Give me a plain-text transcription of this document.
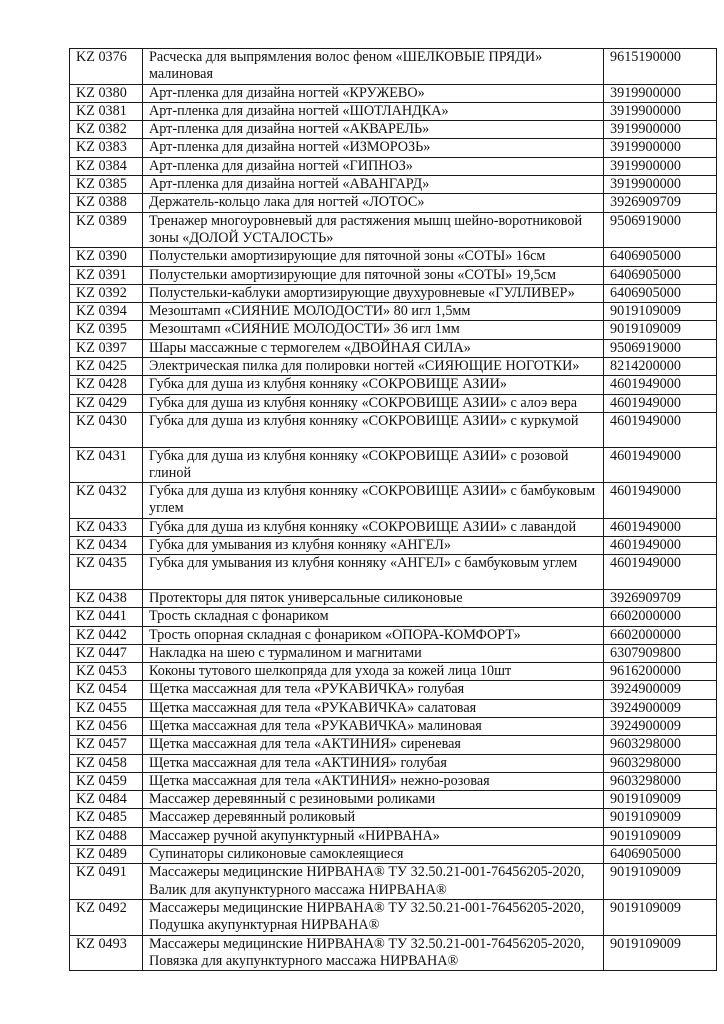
KZ 0376	Расческа для выпрямления волос феном «ШЕЛКОВЫЕ ПРЯДИ» малиновая	9615190000
KZ 0380	Арт-пленка для дизайна ногтей «КРУЖЕВО»	3919900000
KZ 0381	Арт-пленка для дизайна ногтей «ШОТЛАНДКА»	3919900000
KZ 0382	Арт-пленка для дизайна ногтей «АКВАРЕЛЬ»	3919900000
KZ 0383	Арт-пленка для дизайна ногтей «ИЗМОРОЗЬ»	3919900000
KZ 0384	Арт-пленка для дизайна ногтей «ГИПНОЗ»	3919900000
KZ 0385	Арт-пленка для дизайна ногтей «АВАНГАРД»	3919900000
KZ 0388	Держатель-кольцо лака для ногтей «ЛОТОС»	3926909709
KZ 0389	Тренажер многоуровневый для растяжения мышц шейно-воротниковой зоны «ДОЛОЙ УСТАЛОСТЬ»	9506919000
KZ 0390	Полустельки амортизирующие для пяточной зоны «СОТЫ» 16см	6406905000
KZ 0391	Полустельки амортизирующие для пяточной зоны «СОТЫ» 19,5см	6406905000
KZ 0392	Полустельки-каблуки амортизирующие двухуровневые «ГУЛЛИВЕР»	6406905000
KZ 0394	Мезоштамп «СИЯНИЕ МОЛОДОСТИ» 80 игл 1,5мм	9019109009
KZ 0395	Мезоштамп «СИЯНИЕ МОЛОДОСТИ» 36 игл 1мм	9019109009
KZ 0397	Шары массажные с термогелем «ДВОЙНАЯ СИЛА»	9506919000
KZ 0425	Электрическая пилка для полировки ногтей «СИЯЮЩИЕ НОГОТКИ»	8214200000
KZ 0428	Губка для душа из клубня конняку «СОКРОВИЩЕ АЗИИ»	4601949000
KZ 0429	Губка для душа из клубня конняку «СОКРОВИЩЕ АЗИИ» с алоэ вера	4601949000
KZ 0430	Губка для душа из клубня конняку «СОКРОВИЩЕ АЗИИ» с куркумой	4601949000
KZ 0431	Губка для душа из клубня конняку «СОКРОВИЩЕ АЗИИ» с розовой глиной	4601949000
KZ 0432	Губка для душа из клубня конняку «СОКРОВИЩЕ АЗИИ» с бамбуковым углем	4601949000
KZ 0433	Губка для душа из клубня конняку «СОКРОВИЩЕ АЗИИ» с лавандой	4601949000
KZ 0434	Губка для умывания из клубня конняку «АНГЕЛ»	4601949000
KZ 0435	Губка для умывания из клубня конняку «АНГЕЛ» с бамбуковым углем	4601949000
KZ 0438	Протекторы для пяток универсальные силиконовые	3926909709
KZ 0441	Трость складная с фонариком	6602000000
KZ 0442	Трость опорная складная с фонариком «ОПОРА-КОМФОРТ»	6602000000
KZ 0447	Накладка на шею с турмалином и магнитами	6307909800
KZ 0453	Коконы тутового шелкопряда для ухода за кожей лица 10шт	9616200000
KZ 0454	Щетка массажная для тела «РУКАВИЧКА» голубая	3924900009
KZ 0455	Щетка массажная для тела «РУКАВИЧКА» салатовая	3924900009
KZ 0456	Щетка массажная для тела «РУКАВИЧКА» малиновая	3924900009
KZ 0457	Щетка массажная для тела «АКТИНИЯ» сиреневая	9603298000
KZ 0458	Щетка массажная для тела «АКТИНИЯ» голубая	9603298000
KZ 0459	Щетка массажная для тела «АКТИНИЯ» нежно-розовая	9603298000
KZ 0484	Массажер деревянный с резиновыми роликами	9019109009
KZ 0485	Массажер деревянный роликовый	9019109009
KZ 0488	Массажер ручной акупунктурный «НИРВАНА»	9019109009
KZ 0489	Супинаторы силиконовые самоклеящиеся	6406905000
KZ 0491	Массажеры медицинские НИРВАНА® ТУ 32.50.21-001-76456205-2020, Валик для акупунктурного массажа НИРВАНА®	9019109009
KZ 0492	Массажеры медицинские НИРВАНА® ТУ 32.50.21-001-76456205-2020, Подушка акупунктурная НИРВАНА®	9019109009
KZ 0493	Массажеры медицинские НИРВАНА® ТУ 32.50.21-001-76456205-2020, Повязка для акупунктурного массажа НИРВАНА®	9019109009
